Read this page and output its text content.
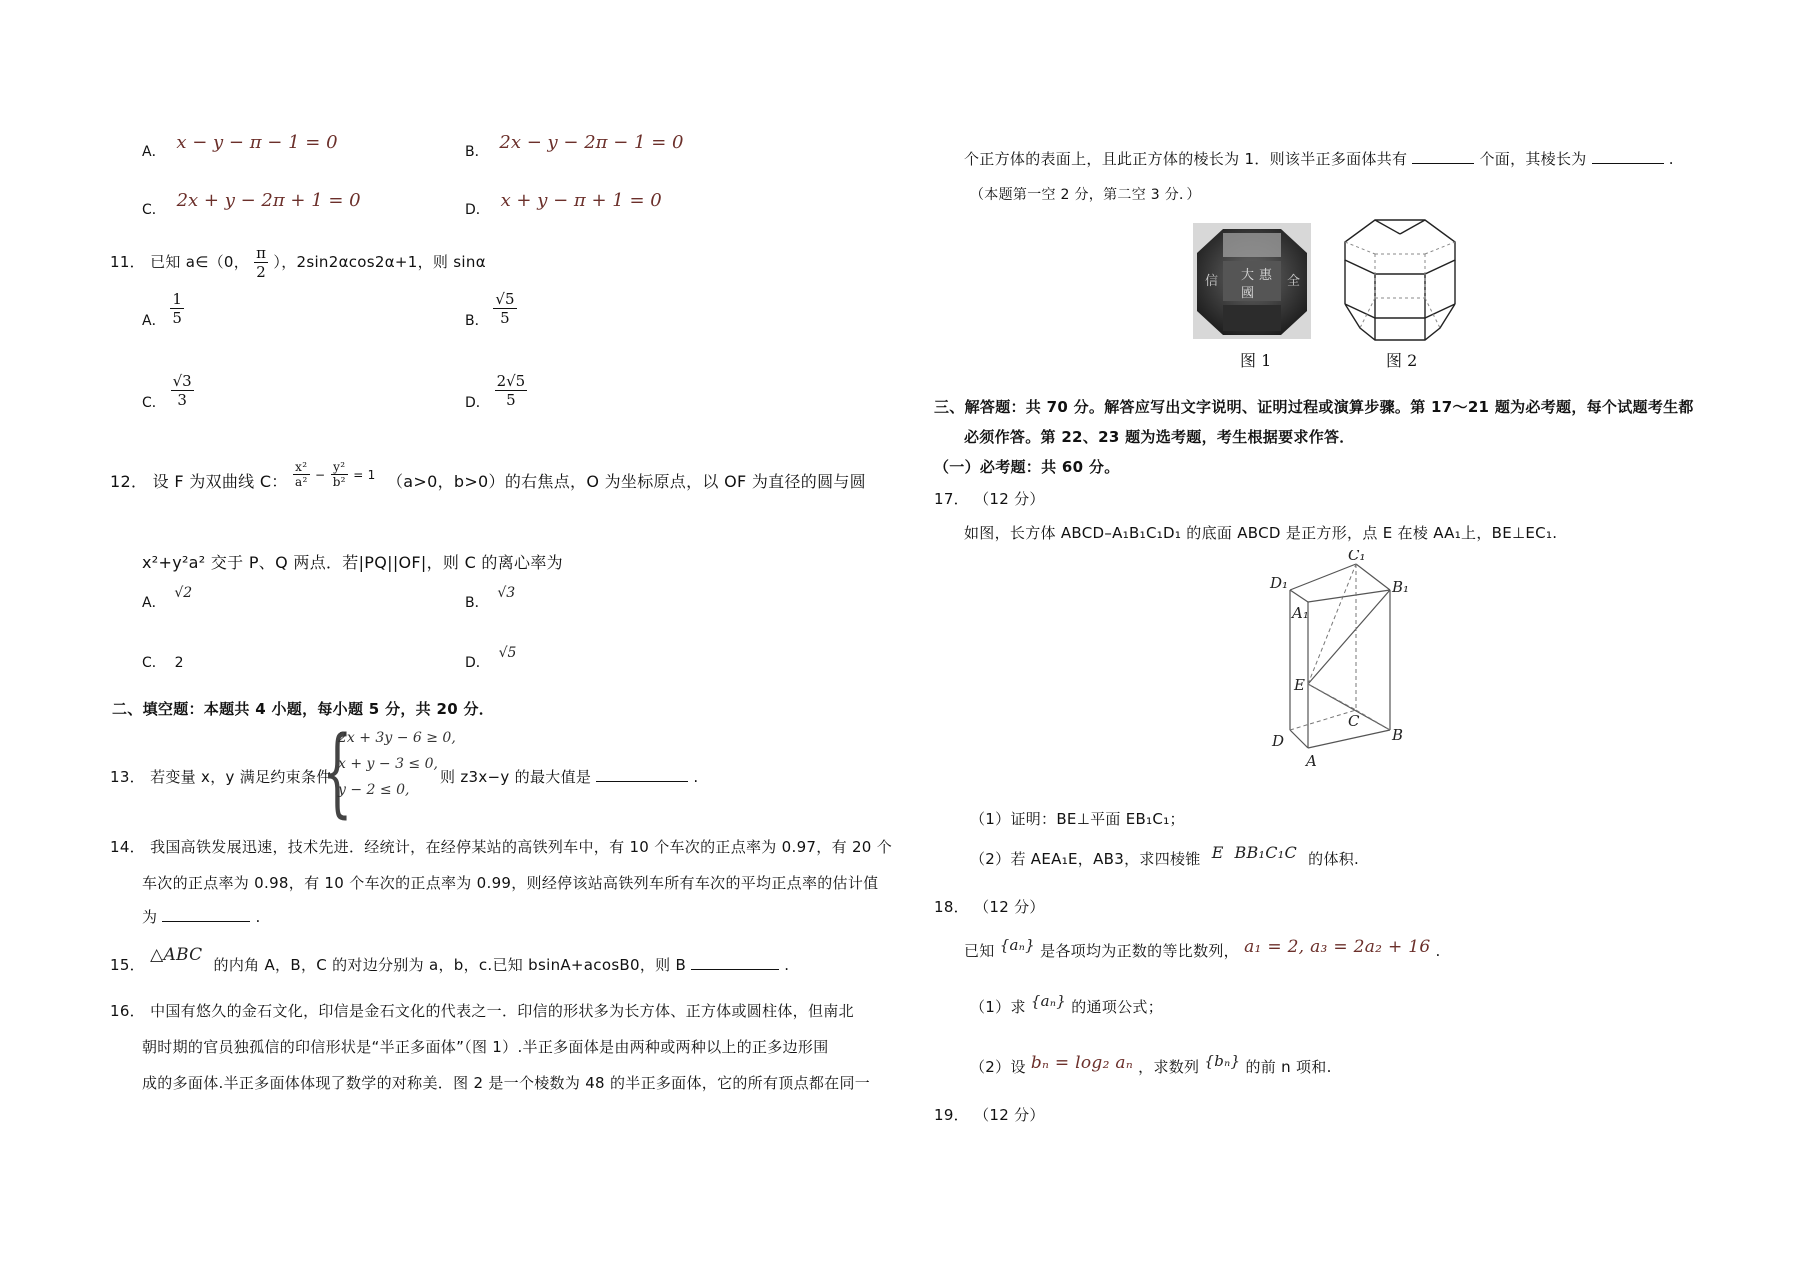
A． x − y − π − 1 = 0	B． 2x − y − 2π − 1 = 0
C． 2x + y − 2π + 1 = 0	D． x + y − π + 1 = 0
11． 已知 a∈（0， $\frac{\pi}{2}$ ），2sin2αcos2α+1，则 sinα
A． $\frac{1}{5}$	B． $\frac{√5}{5}$
C． $\frac{√3}{3}$	D． $\frac{2√5}{5}$
12． 设 F 为双曲线 C： $\frac{\text{x²}}{\text{a²}} ^- \frac{\text{y²}}{\text{b²}} ^{= 1}$ （a>0，b>0）的右焦点，O 为坐标原点，以 OF 为直径的圆与圆
x²+y²a² 交于 P、Q 两点．若|PQ||OF|，则 C 的离心率为
A． √2
B． √3
C． 2	D． √5
二、填空题：本题共 4 小题，每小题 5 分，共 20 分．
13． 若变量 x，y 满足约束条件
{
2x + 3y − 6 ≥ 0,
x + y − 3 ≤ 0,
y − 2 ≤ 0,
则 z3x−y 的最大值是	.
14． 我国高铁发展迅速，技术先进．经统计，在经停某站的高铁列车中，有 10 个车次的正点率为 0.97，有 20 个
车次的正点率为 0.98，有 10 个车次的正点率为 0.99，则经停该站高铁列车所有车次的平均正点率的估计值
为	.
15． △ABC 的内角 A，B，C 的对边分别为 a，b，c.已知 bsinA+acosB0，则 B	.
16． 中国有悠久的金石文化，印信是金石文化的代表之一．印信的形状多为长方体、正方体或圆柱体，但南北
朝时期的官员独孤信的印信形状是“半正多面体”（图 1）.半正多面体是由两种或两种以上的正多边形围
成的多面体.半正多面体体现了数学的对称美．图 2 是一个棱数为 48 的半正多面体，它的所有顶点都在同一
个正方体的表面上，且此正方体的棱长为 1．则该半正多面体共有	个面，其棱长为	.
（本题第一空 2 分，第二空 3 分．）
大 惠 全
信
國
图 1	图 2
三、解答题：共 70 分。解答应写出文字说明、证明过程或演算步骤。第 17～21 题为必考题，每个试题考生都
必须作答。第 22、23 题为选考题，考生根据要求作答．
（一）必考题：共 60 分。
17． （12 分）
如图，长方体 ABCD–A₁B₁C₁D₁ 的底面 ABCD 是正方形，点 E 在棱 AA₁上，BE⊥EC₁.
C₁
B₁
D₁
A₁
E
C
B
D
A
（1）证明：BE⊥平面 EB₁C₁；
（2）若 AEA₁E，AB3，求四棱锥 E  BB₁C₁C 的体积.
18． （12 分）
已知 {aₙ} 是各项均为正数的等比数列， a₁ = 2, a₃ = 2a₂ + 16 .
（1）求 {aₙ} 的通项公式；
（2）设 bₙ = log₂ aₙ ，求数列 {bₙ} 的前 n 项和.
19． （12 分）
